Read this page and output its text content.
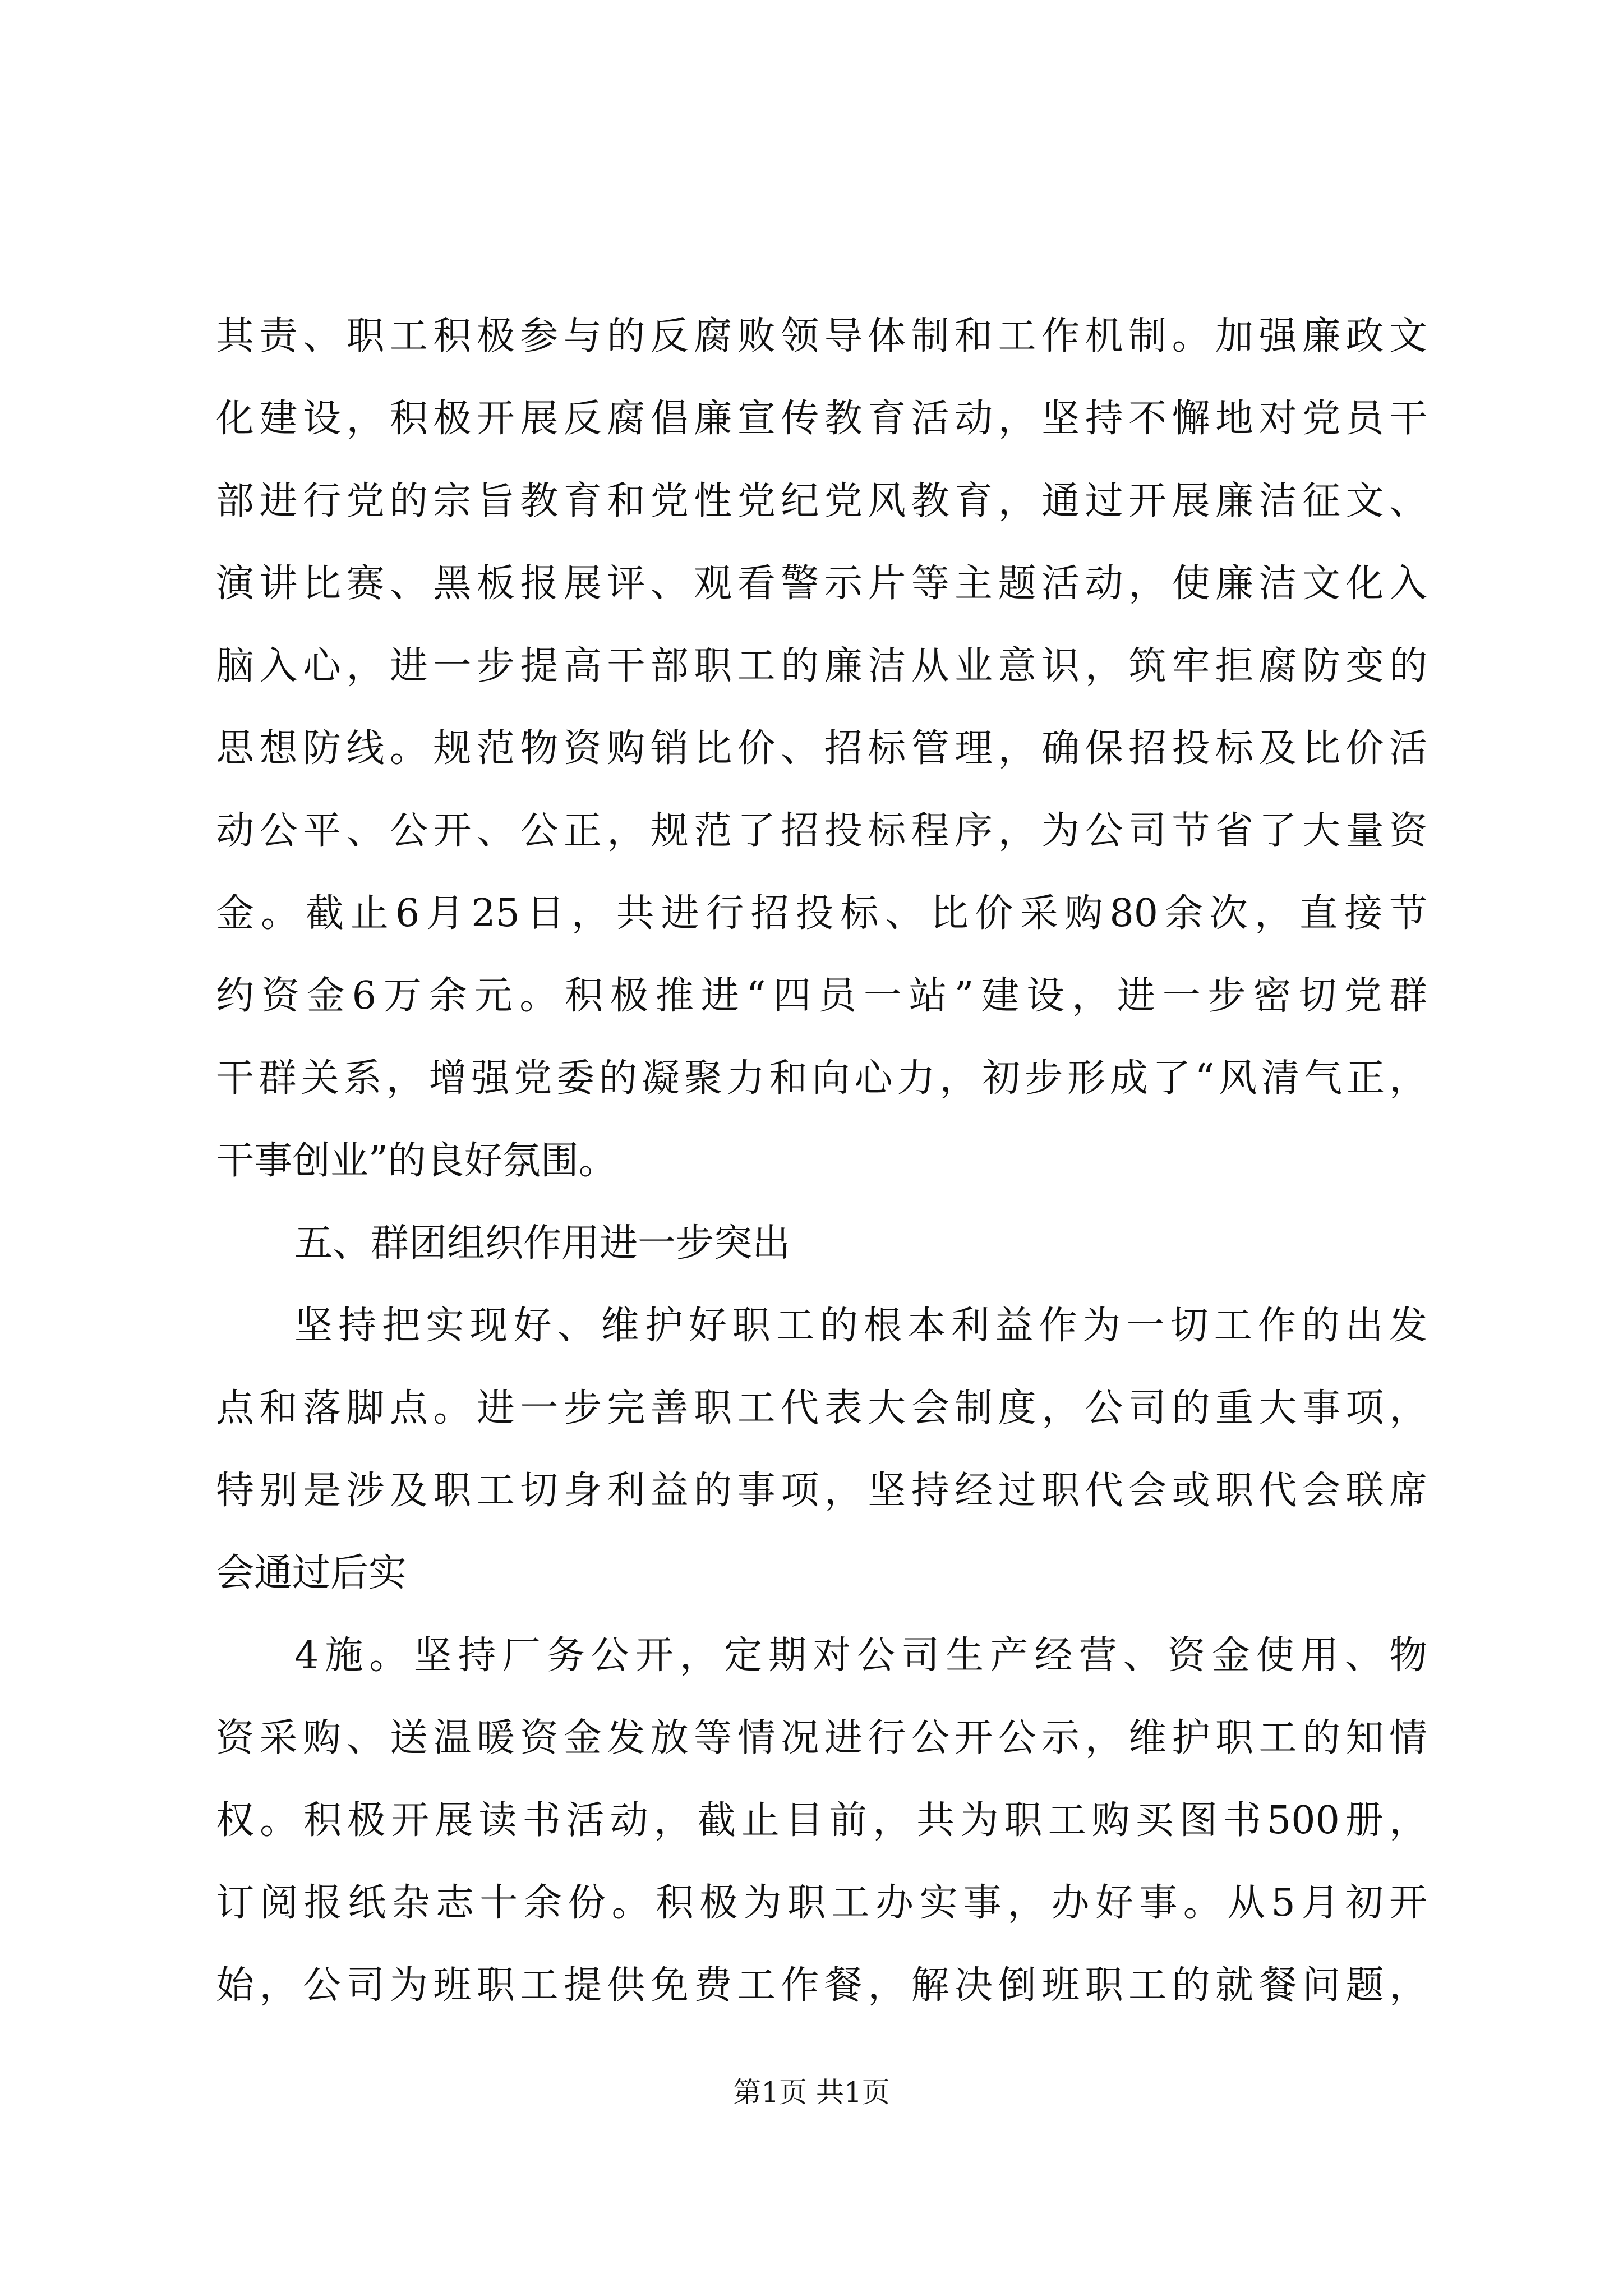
其责、职工积极参与的反腐败领导体制和工作机制。加强廉政文
化建设，积极开展反腐倡廉宣传教育活动，坚持不懈地对党员干
部进行党的宗旨教育和党性党纪党风教育，通过开展廉洁征文、
演讲比赛、黑板报展评、观看警示片等主题活动，使廉洁文化入
脑入心，进一步提高干部职工的廉洁从业意识，筑牢拒腐防变的
思想防线。规范物资购销比价、招标管理，确保招投标及比价活
动公平、公开、公正，规范了招投标程序，为公司节省了大量资
金。截止6月25日，共进行招投标、比价采购80余次，直接节
约资金6万余元。积极推进“四员一站”建设，进一步密切党群
干群关系，增强党委的凝聚力和向心力，初步形成了“风清气正，
干事创业”的良好氛围。
五、群团组织作用进一步突出
坚持把实现好、维护好职工的根本利益作为一切工作的出发
点和落脚点。进一步完善职工代表大会制度，公司的重大事项，
特别是涉及职工切身利益的事项，坚持经过职代会或职代会联席
会通过后实
4施。坚持厂务公开，定期对公司生产经营、资金使用、物
资采购、送温暖资金发放等情况进行公开公示，维护职工的知情
权。积极开展读书活动，截止目前，共为职工购买图书500册，
订阅报纸杂志十余份。积极为职工办实事，办好事。从5月初开
始，公司为班职工提供免费工作餐，解决倒班职工的就餐问题，
第1页 共1页
